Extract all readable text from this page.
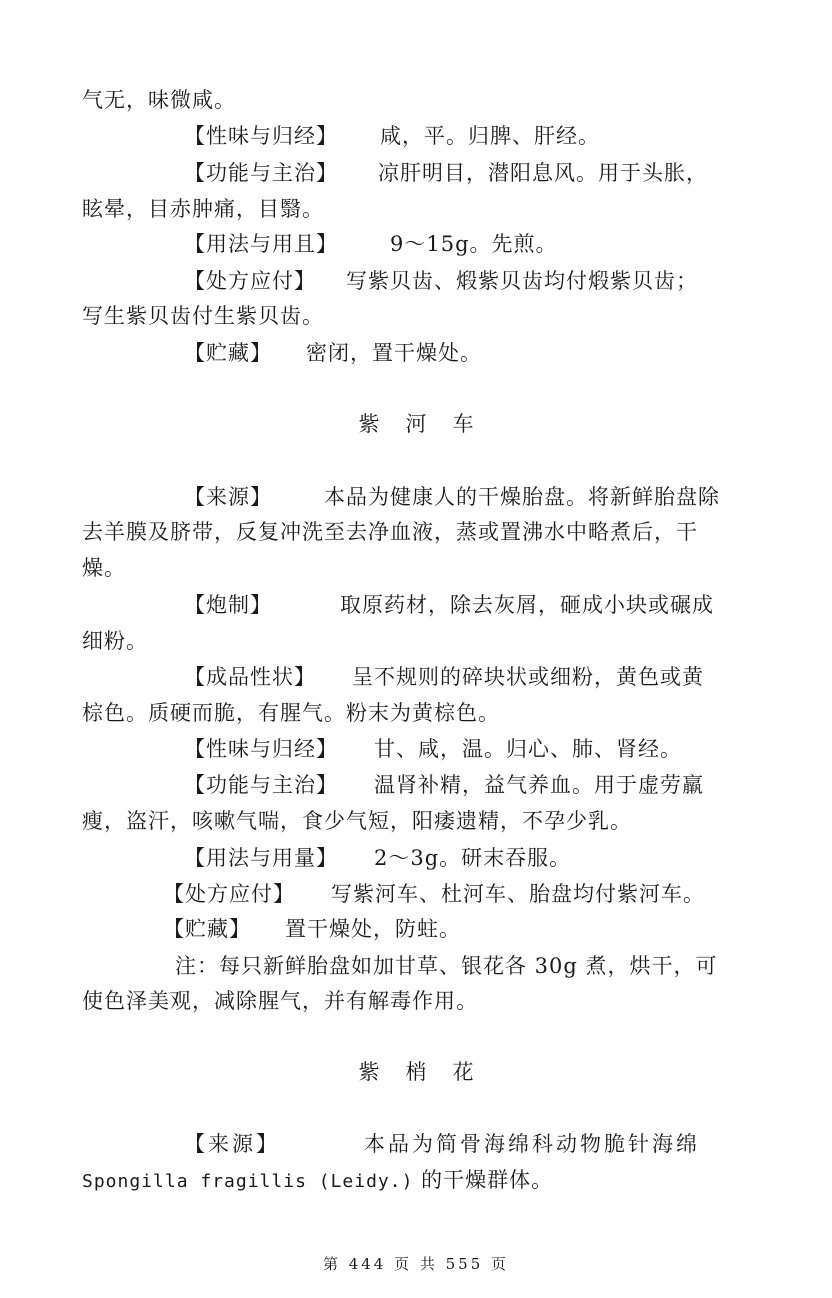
气无，味微咸。
【性味与归经】 咸，平。归脾、肝经。
【功能与主治】 凉肝明目，潜阳息风。用于头胀，
眩晕，目赤肿痛，目翳。
【用法与用且】 9～15g。先煎。
【处方应付】 写紫贝齿、煅紫贝齿均付煅紫贝齿；
写生紫贝齿付生紫贝齿。
【贮藏】 密闭，置干燥处。
紫河车
【来源】 本品为健康人的干燥胎盘。将新鲜胎盘除
去羊膜及脐带，反复冲洗至去净血液，蒸或置沸水中略煮后，干
燥。
【炮制】	取原药材，除去灰屑，砸成小块或碾成
细粉。
【成品性状】 呈不规则的碎块状或细粉，黄色或黄
棕色。质硬而脆，有腥气。粉末为黄棕色。
【性味与归经】 甘、咸，温。归心、肺、肾经。
【功能与主治】 温肾补精，益气养血。用于虚劳羸
瘦，盗汗，咳嗽气喘，食少气短，阳痿遗精，不孕少乳。
【用法与用量】 2～3g。研末吞服。
【处方应付】 写紫河车、杜河车、胎盘均付紫河车。
【贮藏】 置干燥处，防蛀。
注：每只新鲜胎盘如加甘草、银花各 30g 煮，烘干，可
使色泽美观，减除腥气，并有解毒作用。
紫梢花
【来源】	本品为简骨海绵科动物脆针海绵
Spongilla fragillis (Leidy.) 的干燥群体。
第 444 页 共 555 页
